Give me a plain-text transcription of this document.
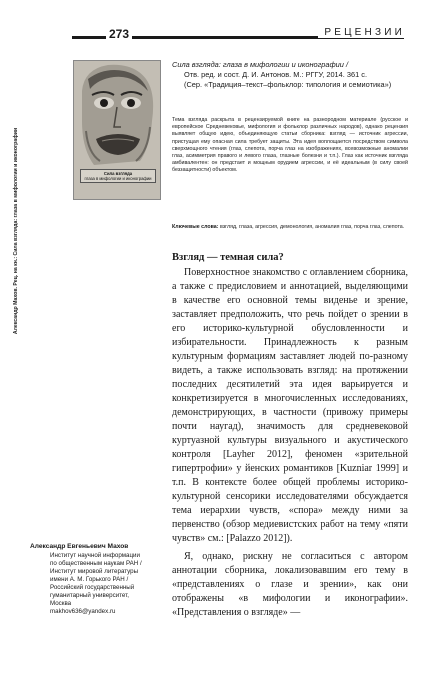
273	РЕЦЕНЗИИ
Александр Махов. Рец. на кн.: Сила взгляда: глаза в мифологии и иконографии	Сила взгляда
глаза в мифологии и иконографии
Сила взгляда: глаза в мифологии и иконографии /
Отв. ред. и сост. Д. И. Антонов. М.: РГГУ, 2014. 361 с.
(Сер. «Традиция–текст–фольклор: типология и семиотика»)
Тема взгляда раскрыта в рецензируемой книге на разнородном материале (русское и европейское Средневековье, мифология и фольклор различных народов), однако рецензия выявляет общую идею, объединяющую статьи сборника: взгляд — источник агрессии, пристущая ему опасная сила требует защиты. Эта идея воплощается посредством символа сверхмощного чтения (глаз, слепота, порча глаз на изображениях, всевозможные аномалии глаз, асимметрия правого и левого глаза, глазные болезни и т.п.). Глаз как источник взгляда амбивалентен: он предстает и мощным орудием агрессии, и её идеальным (в силу своей беззащитности) объектом.
Ключевые слова: взгляд, глаза, агрессия, демонология, аномалия глаз, порча глаз, слепота.
Взгляд — темная сила?

Поверхностное знакомство с оглавлением сборника, а также с предисловием и аннотацией, выделяющими в качестве его основной темы виденье и зрение, заставляет предположить, что речь пойдет о зрении в его историко-культурной обусловленности и избирательности. Принадлежность к разным культурным формациям заставляет людей по-разному видеть, а также использовать взгляд: на протяжении последних десятилетий эта идея варьируется и конкретизируется в многочисленных исследованиях, демонстрирующих, в частности (привожу примеры почти наугад), значимость для средневековой куртуазной культуры визуального и акустического контроля [Layher 2012], феномен «зрительной гипертрофии» у йенских романтиков [Kuzniar 1999] и т.п. В контексте более общей проблемы историко-культурной сенсорики исследователями обсуждается тема иерархии чувств, «спора» между ними за первенство (обзор медиевистских работ на тему «пяти чувств» см.: [Palazzo 2012]).

Я, однако, рискну не согласиться с автором аннотации сборника, локализовавшим его тему в «представлениях о глазе и зрении», как они отображены «в мифологии и иконографии». «Представления о взгляде» —

Александр Евгеньевич Махов
Институт научной информации
по общественным наукам РАН /
Институт мировой литературы
имени А. М. Горького РАН /
Российский государственный
гуманитарный университет,
Москва
makhov636@yandex.ru
